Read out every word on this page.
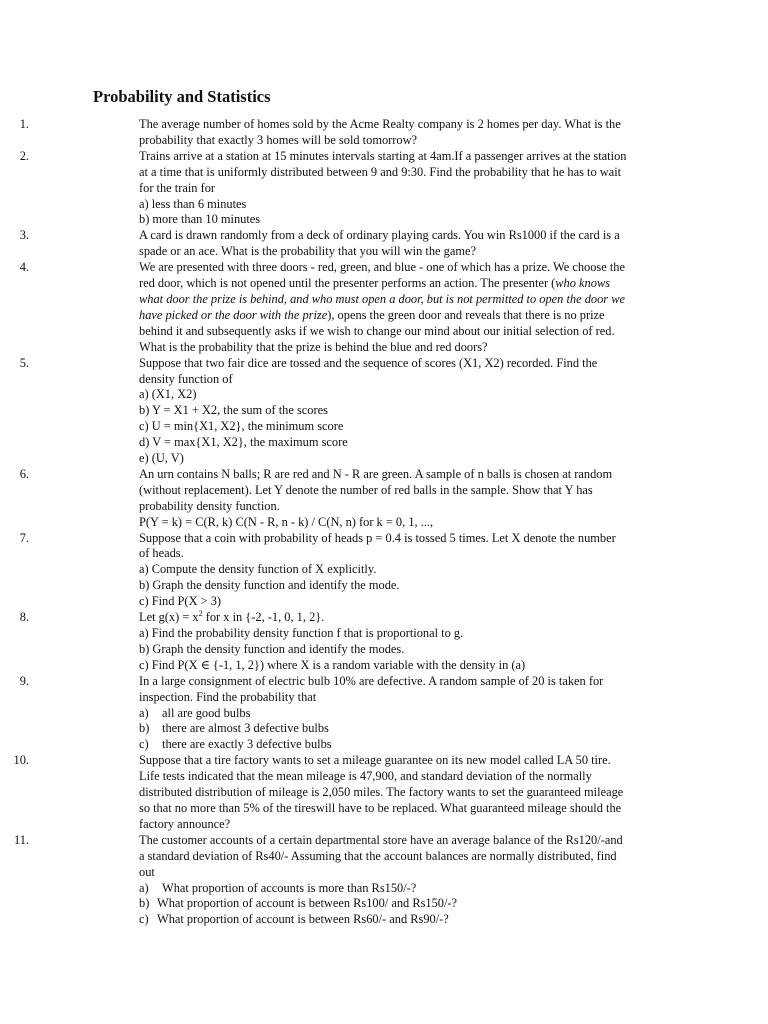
Probability and Statistics
1.	The average number of homes sold by the Acme Realty company is 2 homes per day. What is the
probability that exactly 3 homes will be sold tomorrow?
2.	Trains arrive at a station at 15 minutes intervals starting at 4am.If a passenger arrives at the station
at a time that is uniformly distributed between 9 and 9:30. Find the probability that he has to wait
for the train for
a) less than 6 minutes
b) more than 10 minutes
3.	A card is drawn randomly from a deck of ordinary playing cards. You win Rs1000 if the card is a
spade or an ace. What is the probability that you will win the game?
4.	We are presented with three doors - red, green, and blue - one of which has a prize. We choose the
red door, which is not opened until the presenter performs an action. The presenter (who knows
what door the prize is behind, and who must open a door, but is not permitted to open the door we
have picked or the door with the prize), opens the green door and reveals that there is no prize
behind it and subsequently asks if we wish to change our mind about our initial selection of red.
What is the probability that the prize is behind the blue and red doors?
5.	Suppose that two fair dice are tossed and the sequence of scores (X1, X2) recorded. Find the
density function of
a) (X1, X2)
b) Y = X1 + X2, the sum of the scores
c) U = min{X1, X2}, the minimum score
d) V = max{X1, X2}, the maximum score
e) (U, V)
6.	An urn contains N balls; R are red and N - R are green. A sample of n balls is chosen at random
(without replacement). Let Y denote the number of red balls in the sample. Show that Y has
probability density function.
P(Y = k) = C(R, k) C(N - R, n - k) / C(N, n) for k = 0, 1, ...,
7.	Suppose that a coin with probability of heads p = 0.4 is tossed 5 times. Let X denote the number
of heads.
a) Compute the density function of X explicitly.
b) Graph the density function and identify the mode.
c) Find P(X > 3)
8.	Let $g(x) = x^2$ for x in {-2, -1, 0, 1, 2}.
a) Find the probability density function f that is proportional to g.
b) Graph the density function and identify the modes.
c) Find P(X ∈ {-1, 1, 2}) where X is a random variable with the density in (a)
9.	In a large consignment of electric bulb 10% are defective. A random sample of 20 is taken for
inspection. Find the probability that
a) all are good bulbs
b) there are almost 3 defective bulbs
c) there are exactly 3 defective bulbs
10.	Suppose that a tire factory wants to set a mileage guarantee on its new model called LA 50 tire.
Life tests indicated that the mean mileage is 47,900, and standard deviation of the normally
distributed distribution of mileage is 2,050 miles. The factory wants to set the guaranteed mileage
so that no more than 5% of the tireswill have to be replaced. What guaranteed mileage should the
factory announce?
11.	The customer accounts of a certain departmental store have an average balance of the Rs120/-and
a standard deviation of Rs40/- Assuming that the account balances are normally distributed, find
out
a) What proportion of accounts is more than Rs150/-?
b) What proportion of account is between Rs100/ and Rs150/-?
c) What proportion of account is between Rs60/- and Rs90/-?
